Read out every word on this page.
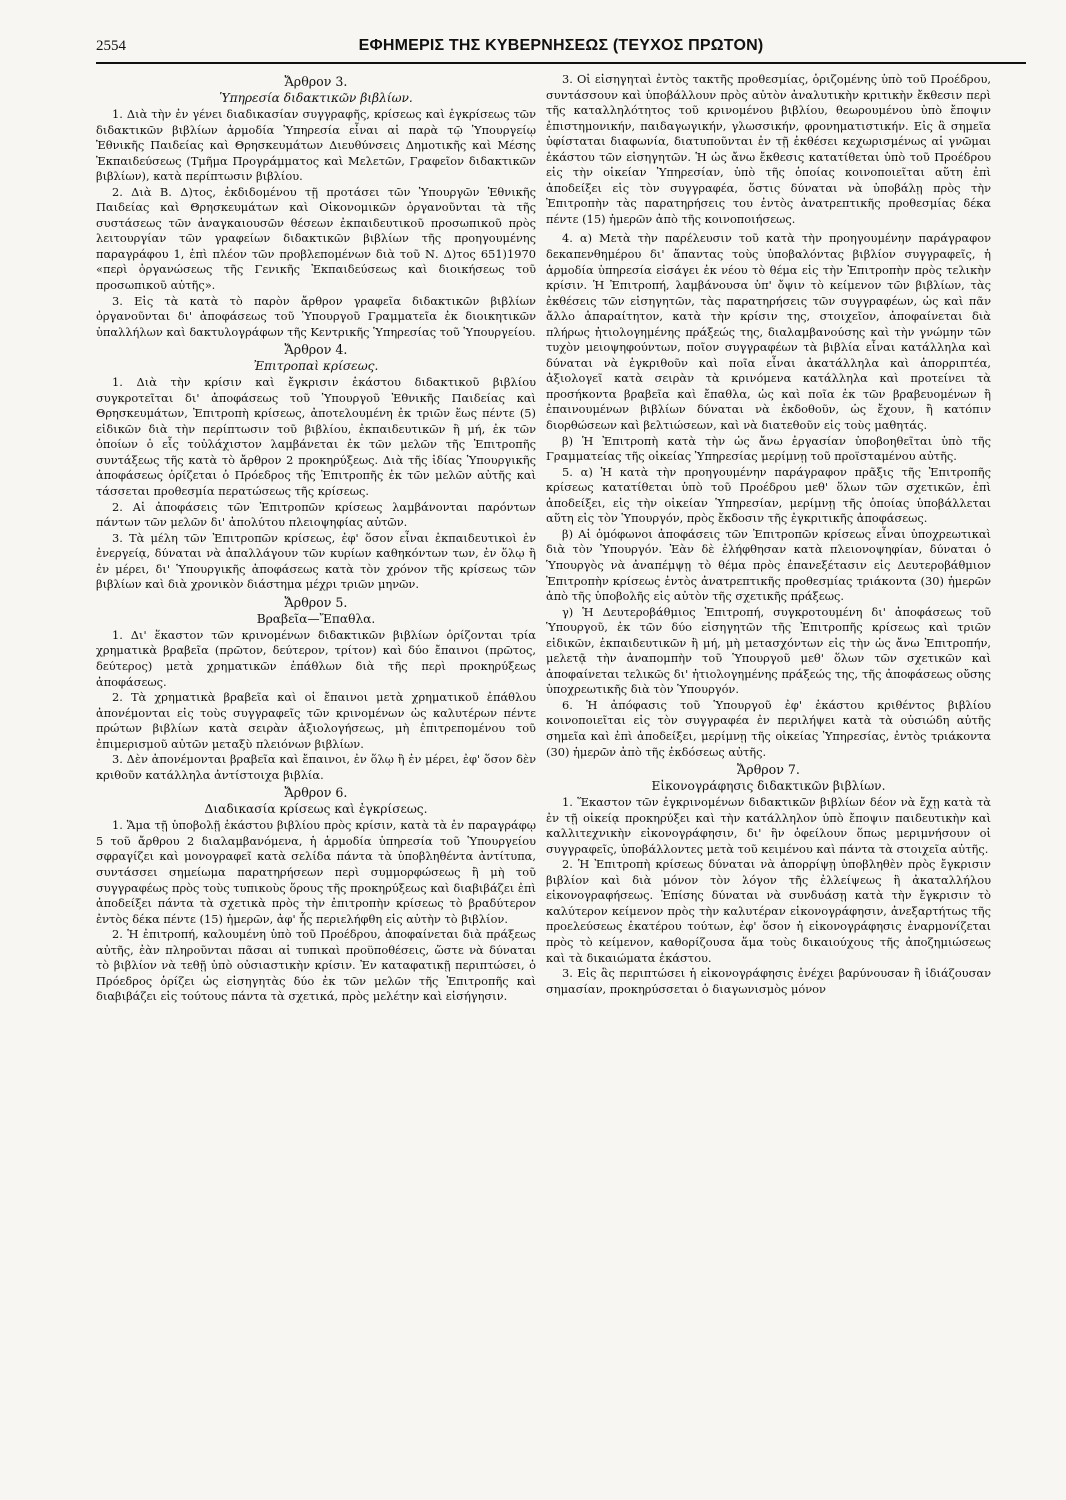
2554	ΕΦΗΜΕΡΙΣ ΤΗΣ ΚΥΒΕΡΝΗΣΕΩΣ (ΤΕΥΧΟΣ ΠΡΩΤΟΝ)
Ἄρθρον 3.
Ὑπηρεσία διδακτικῶν βιβλίων.

1. Διὰ τὴν ἐν γένει διαδικασίαν συγγραφῆς, κρίσεως καὶ ἐγκρίσεως τῶν διδακτικῶν βιβλίων ἁρμοδία Ὑπηρεσία εἶναι αἱ παρὰ τῷ Ὑπουργείῳ Ἐθνικῆς Παιδείας καὶ Θρησκευμάτων Διευθύνσεις Δημοτικῆς καὶ Μέσης Ἐκπαιδεύσεως (Τμῆμα Προγράμματος καὶ Μελετῶν, Γραφεῖον διδακτικῶν βιβλίων), κατὰ περίπτωσιν βιβλίου.

2. Διὰ Β. Δ)τος, ἐκδιδομένου τῇ προτάσει τῶν Ὑπουργῶν Ἐθνικῆς Παιδείας καὶ Θρησκευμάτων καὶ Οἰκονομικῶν ὀργανοῦνται τὰ τῆς συστάσεως τῶν ἀναγκαιουσῶν θέσεων ἐκπαιδευτικοῦ προσωπικοῦ πρὸς λειτουργίαν τῶν γραφείων διδακτικῶν βιβλίων τῆς προηγουμένης παραγράφου 1, ἐπὶ πλέον τῶν προβλεπομένων διὰ τοῦ Ν. Δ)τος 651)1970 «περὶ ὀργανώσεως τῆς Γενικῆς Ἐκπαιδεύσεως καὶ διοικήσεως τοῦ προσωπικοῦ αὐτῆς».

3. Εἰς τὰ κατὰ τὸ παρὸν ἄρθρον γραφεῖα διδακτικῶν βιβλίων ὀργανοῦνται δι' ἀποφάσεως τοῦ Ὑπουργοῦ Γραμματεῖα ἐκ διοικητικῶν ὑπαλλήλων καὶ δακτυλογράφων τῆς Κεντρικῆς Ὑπηρεσίας τοῦ Ὑπουργείου.

Ἄρθρον 4.
Ἐπιτροπαὶ κρίσεως.

1. Διὰ τὴν κρίσιν καὶ ἔγκρισιν ἑκάστου διδακτικοῦ βιβλίου συγκροτεῖται δι' ἀποφάσεως τοῦ Ὑπουργοῦ Ἐθνικῆς Παιδείας καὶ Θρησκευμάτων, Ἐπιτροπὴ κρίσεως, ἀποτελουμένη ἐκ τριῶν ἕως πέντε (5) εἰδικῶν διὰ τὴν περίπτωσιν τοῦ βιβλίου, ἐκπαιδευτικῶν ἢ μή, ἐκ τῶν ὁποίων ὁ εἷς τοὐλάχιστον λαμβάνεται ἐκ τῶν μελῶν τῆς Ἐπιτροπῆς συντάξεως τῆς κατὰ τὸ ἄρθρον 2 προκηρύξεως. Διὰ τῆς ἰδίας Ὑπουργικῆς ἀποφάσεως ὁρίζεται ὁ Πρόεδρος τῆς Ἐπιτροπῆς ἐκ τῶν μελῶν αὐτῆς καὶ τάσσεται προθεσμία περατώσεως τῆς κρίσεως.

2. Αἱ ἀποφάσεις τῶν Ἐπιτροπῶν κρίσεως λαμβάνονται παρόντων πάντων τῶν μελῶν δι' ἀπολύτου πλειοψηφίας αὐτῶν.

3. Τὰ μέλη τῶν Ἐπιτροπῶν κρίσεως, ἐφ' ὅσον εἶναι ἐκπαιδευτικοὶ ἐν ἐνεργείᾳ, δύναται νὰ ἀπαλλάγουν τῶν κυρίων καθηκόντων των, ἐν ὅλῳ ἢ ἐν μέρει, δι' Ὑπουργικῆς ἀποφάσεως κατὰ τὸν χρόνον τῆς κρίσεως τῶν βιβλίων καὶ διὰ χρονικὸν διάστημα μέχρι τριῶν μηνῶν.

Ἄρθρον 5.
Βραβεῖα—Ἔπαθλα.

1. Δι' ἕκαστον τῶν κρινομένων διδακτικῶν βιβλίων ὁρίζονται τρία χρηματικὰ βραβεῖα (πρῶτον, δεύτερον, τρίτον) καὶ δύο ἔπαινοι (πρῶτος, δεύτερος) μετὰ χρηματικῶν ἐπάθλων διὰ τῆς περὶ προκηρύξεως ἀποφάσεως.

2. Τὰ χρηματικὰ βραβεῖα καὶ οἱ ἔπαινοι μετὰ χρηματικοῦ ἐπάθλου ἀπονέμονται εἰς τοὺς συγγραφεῖς τῶν κρινομένων ὡς καλυτέρων πέντε πρώτων βιβλίων κατὰ σειρὰν ἀξιολογήσεως, μὴ ἐπιτρεπομένου τοῦ ἐπιμερισμοῦ αὐτῶν μεταξὺ πλειόνων βιβλίων.

3. Δὲν ἀπονέμονται βραβεῖα καὶ ἔπαινοι, ἐν ὅλῳ ἢ ἐν μέρει, ἐφ' ὅσον δὲν κριθοῦν κατάλληλα ἀντίστοιχα βιβλία.

Ἄρθρον 6.
Διαδικασία κρίσεως καὶ ἐγκρίσεως.

1. Ἅμα τῇ ὑποβολῇ ἑκάστου βιβλίου πρὸς κρίσιν, κατὰ τὰ ἐν παραγράφῳ 5 τοῦ ἄρθρου 2 διαλαμβανόμενα, ἡ ἁρμοδία ὑπηρεσία τοῦ Ὑπουργείου σφραγίζει καὶ μονογραφεῖ κατὰ σελίδα πάντα τὰ ὑποβληθέντα ἀντίτυπα, συντάσσει σημείωμα παρατηρήσεων περὶ συμμορφώσεως ἢ μὴ τοῦ συγγραφέως πρὸς τοὺς τυπικοὺς ὅρους τῆς προκηρύξεως καὶ διαβιβάζει ἐπὶ ἀποδείξει πάντα τὰ σχετικὰ πρὸς τὴν ἐπιτροπὴν κρίσεως τὸ βραδύτερον ἐντὸς δέκα πέντε (15) ἡμερῶν, ἀφ' ἧς περιελήφθη εἰς αὐτὴν τὸ βιβλίον.

2. Ἡ ἐπιτροπή, καλουμένη ὑπὸ τοῦ Προέδρου, ἀποφαίνεται διὰ πράξεως αὐτῆς, ἐὰν πληροῦνται πᾶσαι αἱ τυπικαὶ προϋποθέσεις, ὥστε νὰ δύναται τὸ βιβλίον νὰ τεθῇ ὑπὸ οὐσιαστικὴν κρίσιν. Ἐν καταφατικῇ περιπτώσει, ὁ Πρόεδρος ὁρίζει ὡς εἰσηγητὰς δύο ἐκ τῶν μελῶν τῆς Ἐπιτροπῆς καὶ διαβιβάζει εἰς τούτους πάντα τὰ σχετικά, πρὸς μελέτην καὶ εἰσήγησιν.

3. Οἱ εἰσηγηταὶ ἐντὸς τακτῆς προθεσμίας, ὁριζομένης ὑπὸ τοῦ Προέδρου, συντάσσουν καὶ ὑποβάλλουν πρὸς αὐτὸν ἀναλυτικὴν κριτικὴν ἔκθεσιν περὶ τῆς καταλληλότητος τοῦ κρινομένου βιβλίου, θεωρουμένου ὑπὸ ἔποψιν ἐπιστημονικήν, παιδαγωγικήν, γλωσσικήν, φρονηματιστικήν. Εἰς ἃ σημεῖα ὑφίσταται διαφωνία, διατυποῦνται ἐν τῇ ἐκθέσει κεχωρισμένως αἱ γνῶμαι ἑκάστου τῶν εἰσηγητῶν. Ἡ ὡς ἄνω ἔκθεσις κατατίθεται ὑπὸ τοῦ Προέδρου εἰς τὴν οἰκείαν Ὑπηρεσίαν, ὑπὸ τῆς ὁποίας κοινοποιεῖται αὕτη ἐπὶ ἀποδείξει εἰς τὸν συγγραφέα, ὅστις δύναται νὰ ὑποβάλῃ πρὸς τὴν Ἐπιτροπὴν τὰς παρατηρήσεις του ἐντὸς ἀνατρεπτικῆς προθεσμίας δέκα πέντε (15) ἡμερῶν ἀπὸ τῆς κοινοποιήσεως.

4. α) Μετὰ τὴν παρέλευσιν τοῦ κατὰ τὴν προηγουμένην παράγραφον δεκαπενθημέρου δι' ἅπαντας τοὺς ὑποβαλόντας βιβλίον συγγραφεῖς, ἡ ἁρμοδία ὑπηρεσία εἰσάγει ἐκ νέου τὸ θέμα εἰς τὴν Ἐπιτροπὴν πρὸς τελικὴν κρίσιν. Ἡ Ἐπιτροπή, λαμβάνουσα ὑπ' ὄψιν τὸ κείμενον τῶν βιβλίων, τὰς ἐκθέσεις τῶν εἰσηγητῶν, τὰς παρατηρήσεις τῶν συγγραφέων, ὡς καὶ πᾶν ἄλλο ἀπαραίτητον, κατὰ τὴν κρίσιν της, στοιχεῖον, ἀποφαίνεται διὰ πλήρως ἠτιολογημένης πράξεώς της, διαλαμβανούσης καὶ τὴν γνώμην τῶν τυχὸν μειοψηφούντων, ποῖον συγγραφέων τὰ βιβλία εἶναι κατάλληλα καὶ δύναται νὰ ἐγκριθοῦν καὶ ποῖα εἶναι ἀκατάλληλα καὶ ἀπορριπτέα, ἀξιολογεῖ κατὰ σειρὰν τὰ κρινόμενα κατάλληλα καὶ προτείνει τὰ προσήκοντα βραβεῖα καὶ ἔπαθλα, ὡς καὶ ποῖα ἐκ τῶν βραβευομένων ἢ ἐπαινουμένων βιβλίων δύναται νὰ ἐκδοθοῦν, ὡς ἔχουν, ἢ κατόπιν διορθώσεων καὶ βελτιώσεων, καὶ νὰ διατεθοῦν εἰς τοὺς μαθητάς.

β) Ἡ Ἐπιτροπὴ κατὰ τὴν ὡς ἄνω ἐργασίαν ὑποβοηθεῖται ὑπὸ τῆς Γραμματείας τῆς οἰκείας Ὑπηρεσίας μερίμνῃ τοῦ προϊσταμένου αὐτῆς.

5. α) Ἡ κατὰ τὴν προηγουμένην παράγραφον πρᾶξις τῆς Ἐπιτροπῆς κρίσεως κατατίθεται ὑπὸ τοῦ Προέδρου μεθ' ὅλων τῶν σχετικῶν, ἐπὶ ἀποδείξει, εἰς τὴν οἰκείαν Ὑπηρεσίαν, μερίμνῃ τῆς ὁποίας ὑποβάλλεται αὕτη εἰς τὸν Ὑπουργόν, πρὸς ἔκδοσιν τῆς ἐγκριτικῆς ἀποφάσεως.

β) Αἱ ὁμόφωνοι ἀποφάσεις τῶν Ἐπιτροπῶν κρίσεως εἶναι ὑποχρεωτικαὶ διὰ τὸν Ὑπουργόν. Ἐὰν δὲ ἐλήφθησαν κατὰ πλειονοψηφίαν, δύναται ὁ Ὑπουργὸς νὰ ἀναπέμψῃ τὸ θέμα πρὸς ἐπανεξέτασιν εἰς Δευτεροβάθμιον Ἐπιτροπὴν κρίσεως ἐντὸς ἀνατρεπτικῆς προθεσμίας τριάκοντα (30) ἡμερῶν ἀπὸ τῆς ὑποβολῆς εἰς αὐτὸν τῆς σχετικῆς πράξεως.

γ) Ἡ Δευτεροβάθμιος Ἐπιτροπή, συγκροτουμένη δι' ἀποφάσεως τοῦ Ὑπουργοῦ, ἐκ τῶν δύο εἰσηγητῶν τῆς Ἐπιτροπῆς κρίσεως καὶ τριῶν εἰδικῶν, ἐκπαιδευτικῶν ἢ μή, μὴ μετασχόντων εἰς τὴν ὡς ἄνω Ἐπιτροπήν, μελετᾷ τὴν ἀναπομπὴν τοῦ Ὑπουργοῦ μεθ' ὅλων τῶν σχετικῶν καὶ ἀποφαίνεται τελικῶς δι' ἠτιολογημένης πράξεώς της, τῆς ἀποφάσεως οὔσης ὑποχρεωτικῆς διὰ τὸν Ὑπουργόν.

6. Ἡ ἀπόφασις τοῦ Ὑπουργοῦ ἐφ' ἑκάστου κριθέντος βιβλίου κοινοποιεῖται εἰς τὸν συγγραφέα ἐν περιλήψει κατὰ τὰ οὐσιώδη αὐτῆς σημεῖα καὶ ἐπὶ ἀποδείξει, μερίμνῃ τῆς οἰκείας Ὑπηρεσίας, ἐντὸς τριάκοντα (30) ἡμερῶν ἀπὸ τῆς ἐκδόσεως αὐτῆς.

Ἄρθρον 7.
Εἰκονογράφησις διδακτικῶν βιβλίων.

1. Ἕκαστον τῶν ἐγκρινομένων διδακτικῶν βιβλίων δέον νὰ ἔχῃ κατὰ τὰ ἐν τῇ οἰκείᾳ προκηρύξει καὶ τὴν κατάλληλον ὑπὸ ἔποψιν παιδευτικὴν καὶ καλλιτεχνικὴν εἰκονογράφησιν, δι' ἣν ὀφείλουν ὅπως μεριμνήσουν οἱ συγγραφεῖς, ὑποβάλλοντες μετὰ τοῦ κειμένου καὶ πάντα τὰ στοιχεῖα αὐτῆς.

2. Ἡ Ἐπιτροπὴ κρίσεως δύναται νὰ ἀπορρίψῃ ὑποβληθὲν πρὸς ἔγκρισιν βιβλίον καὶ διὰ μόνον τὸν λόγον τῆς ἐλλείψεως ἢ ἀκαταλλήλου εἰκονογραφήσεως. Ἐπίσης δύναται νὰ συνδυάσῃ κατὰ τὴν ἔγκρισιν τὸ καλύτερον κείμενον πρὸς τὴν καλυτέραν εἰκονογράφησιν, ἀνεξαρτήτως τῆς προελεύσεως ἑκατέρου τούτων, ἐφ' ὅσον ἡ εἰκονογράφησις ἐναρμονίζεται πρὸς τὸ κείμενον, καθορίζουσα ἅμα τοὺς δικαιούχους τῆς ἀποζημιώσεως καὶ τὰ δικαιώματα ἑκάστου.

3. Εἰς ἃς περιπτώσει ἡ εἰκονογράφησις ἐνέχει βαρύνουσαν ἢ ἰδιάζουσαν σημασίαν, προκηρύσσεται ὁ διαγωνισμὸς μόνον
